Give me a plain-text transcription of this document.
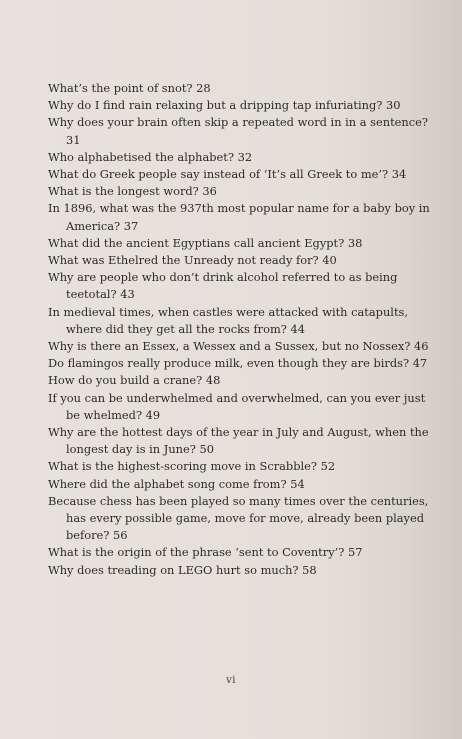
What’s the point of snot? 28
Why do I find rain relaxing but a dripping tap infuriating? 30
Why does your brain often skip a repeated word in in a sentence? 31
Who alphabetised the alphabet? 32
What do Greek people say instead of ‘It’s all Greek to me’? 34
What is the longest word? 36
In 1896, what was the 937th most popular name for a baby boy in America? 37
What did the ancient Egyptians call ancient Egypt? 38
What was Ethelred the Unready not ready for? 40
Why are people who don’t drink alcohol referred to as being teetotal? 43
In medieval times, when castles were attacked with catapults, where did they get all the rocks from? 44
Why is there an Essex, a Wessex and a Sussex, but no Nossex? 46
Do flamingos really produce milk, even though they are birds? 47
How do you build a crane? 48
If you can be underwhelmed and overwhelmed, can you ever just be whelmed? 49
Why are the hottest days of the year in July and August, when the longest day is in June? 50
What is the highest-scoring move in Scrabble? 52
Where did the alphabet song come from? 54
Because chess has been played so many times over the centuries, has every possible game, move for move, already been played before? 56
What is the origin of the phrase ‘sent to Coventry’? 57
Why does treading on LEGO hurt so much? 58
vi
